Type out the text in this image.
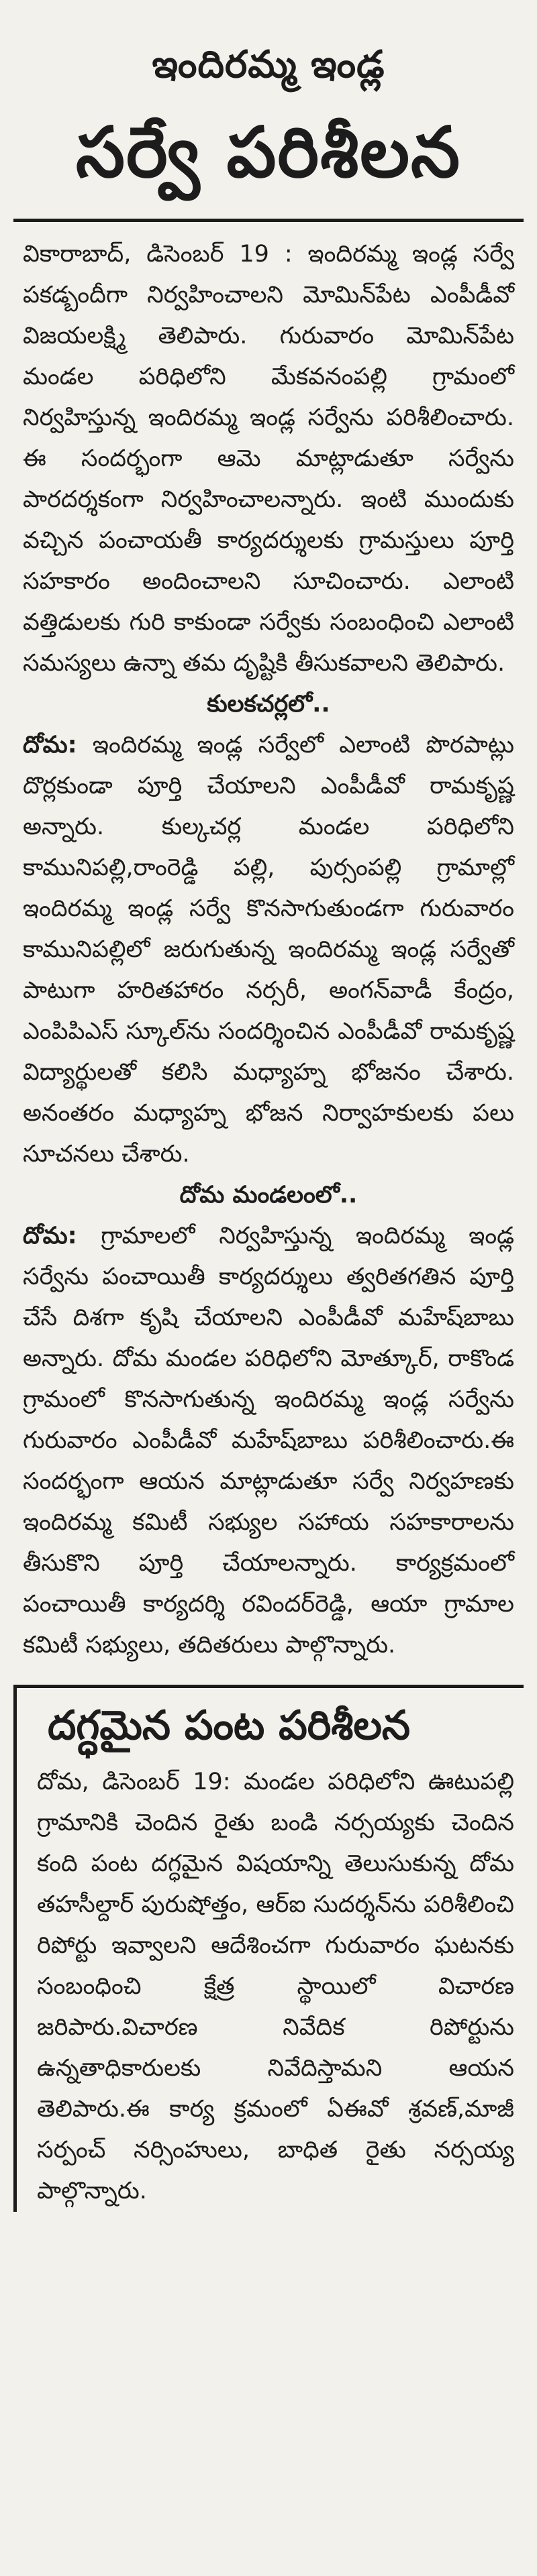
ఇందిరమ్మ ఇండ్ల
సర్వే పరిశీలన

వికారాబాద్, డిసెంబర్ 19 : ఇందిరమ్మ ఇండ్ల సర్వే పకడ్బందీగా నిర్వహించాలని మోమిన్‌పేట ఎంపీడీవో విజయలక్ష్మి తెలిపారు. గురువారం మోమిన్‌పేట మండల పరిధిలోని మేకవనంపల్లి గ్రామంలో నిర్వహిస్తున్న ఇందిరమ్మ ఇండ్ల సర్వేను పరిశీలించారు. ఈ సందర్భంగా ఆమె మాట్లాడుతూ సర్వేను పారదర్శకంగా నిర్వహించాలన్నారు. ఇంటి ముందుకు వచ్చిన పంచాయతీ కార్యదర్శులకు గ్రామస్తులు పూర్తి సహకారం అందించాలని సూచించారు. ఎలాంటి వత్తిడులకు గురి కాకుండా సర్వేకు సంబంధించి ఎలాంటి సమస్యలు ఉన్నా తమ దృష్టికి తీసుకవాలని తెలిపారు.

కులకచర్లలో..

దోమ: ఇందిరమ్మ ఇండ్ల సర్వేలో ఎలాంటి పొరపాట్లు దొర్లకుండా పూర్తి చేయాలని ఎంపీడీవో రామకృష్ణ అన్నారు. కుల్కచర్ల మండల పరిధిలోని కామునిపల్లి,రాంరెడ్డి పల్లి, పుర్సంపల్లి గ్రామాల్లో ఇందిరమ్మ ఇండ్ల సర్వే కొనసాగుతుండగా గురువారం కామునిపల్లిలో జరుగుతున్న ఇందిరమ్మ ఇండ్ల సర్వేతో పాటుగా హరితహారం నర్సరీ, అంగన్‌వాడీ కేంద్రం, ఎంపిపిఎస్ స్కూల్‌ను సందర్శించిన ఎంపీడీవో రామకృష్ణ విద్యార్థులతో కలిసి మధ్యాహ్న భోజనం చేశారు. అనంతరం మధ్యాహ్న భోజన నిర్వాహకులకు పలు సూచనలు చేశారు.

దోమ మండలంలో..

దోమ: గ్రామాలలో నిర్వహిస్తున్న ఇందిరమ్మ ఇండ్ల సర్వేను పంచాయితీ కార్యదర్శులు త్వరితగతిన పూర్తి చేసే దిశగా కృషి చేయాలని ఎంపీడీవో మహేష్‌బాబు అన్నారు. దోమ మండల పరిధిలోని మోత్కూర్, రాకొండ గ్రామంలో కొనసాగుతున్న ఇందిరమ్మ ఇండ్ల సర్వేను గురువారం ఎంపీడీవో మహేష్‌బాబు పరిశీలించారు.ఈ సందర్భంగా ఆయన మాట్లాడుతూ సర్వే నిర్వహణకు ఇందిరమ్మ కమిటీ సభ్యుల సహాయ సహకారాలను తీసుకొని పూర్తి చేయాలన్నారు. కార్యక్రమంలో పంచాయితీ కార్యదర్శి రవిందర్‌రెడ్డి, ఆయా గ్రామాల కమిటీ సభ్యులు, తదితరులు పాల్గొన్నారు.

దగ్ధమైన పంట పరిశీలన

దోమ, డిసెంబర్ 19: మండల పరిధిలోని ఊటుపల్లి గ్రామానికి చెందిన రైతు బండి నర్సయ్యకు చెందిన కంది పంట దగ్ధమైన విషయాన్ని తెలుసుకున్న దోమ తహసీల్దార్ పురుషోత్తం, ఆర్‌ఐ సుదర్శన్‌ను పరిశీలించి రిపోర్టు ఇవ్వాలని ఆదేశించగా గురువారం ఘటనకు సంబంధించి క్షేత్ర స్థాయిలో విచారణ జరిపారు.విచారణ నివేదిక రిపోర్టును ఉన్నతాధికారులకు నివేదిస్తామని ఆయన తెలిపారు.ఈ కార్య క్రమంలో ఏఈవో శ్రవణ్,మాజీ సర్పంచ్ నర్సింహులు, బాధిత రైతు నర్సయ్య పాల్గొన్నారు.
